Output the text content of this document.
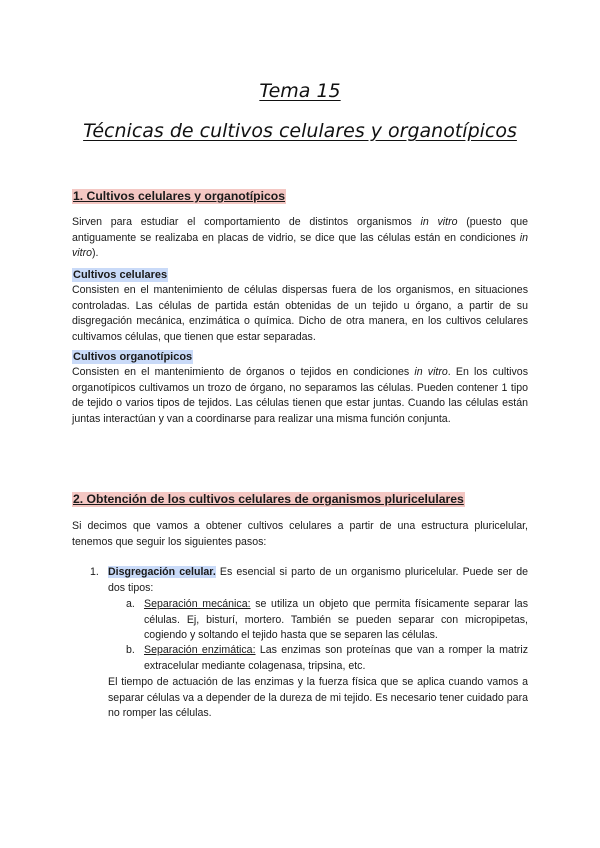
Tema 15
Técnicas de cultivos celulares y organotípicos
1. Cultivos celulares y organotípicos

Sirven para estudiar el comportamiento de distintos organismos in vitro (puesto que antiguamente se realizaba en placas de vidrio, se dice que las células están en condiciones in vitro).

Cultivos celulares

Consisten en el mantenimiento de células dispersas fuera de los organismos, en situaciones controladas. Las células de partida están obtenidas de un tejido u órgano, a partir de su disgregación mecánica, enzimática o química. Dicho de otra manera, en los cultivos celulares cultivamos células, que tienen que estar separadas.

Cultivos organotípicos

Consisten en el mantenimiento de órganos o tejidos en condiciones in vitro. En los cultivos organotípicos cultivamos un trozo de órgano, no separamos las células. Pueden contener 1 tipo de tejido o varios tipos de tejidos. Las células tienen que estar juntas. Cuando las células están juntas interactúan y van a coordinarse para realizar una misma función conjunta.

2. Obtención de los cultivos celulares de organismos pluricelulares

Si decimos que vamos a obtener cultivos celulares a partir de una estructura pluricelular, tenemos que seguir los siguientes pasos:

1. Disgregación celular. Es esencial si parto de un organismo pluricelular. Puede ser de dos tipos:

a. Separación mecánica: se utiliza un objeto que permita físicamente separar las células. Ej, bisturí, mortero. También se pueden separar con micropipetas, cogiendo y soltando el tejido hasta que se separen las células.

b. Separación enzimática: Las enzimas son proteínas que van a romper la matriz extracelular mediante colagenasa, tripsina, etc.

El tiempo de actuación de las enzimas y la fuerza física que se aplica cuando vamos a separar células va a depender de la dureza de mi tejido. Es necesario tener cuidado para no romper las células.
